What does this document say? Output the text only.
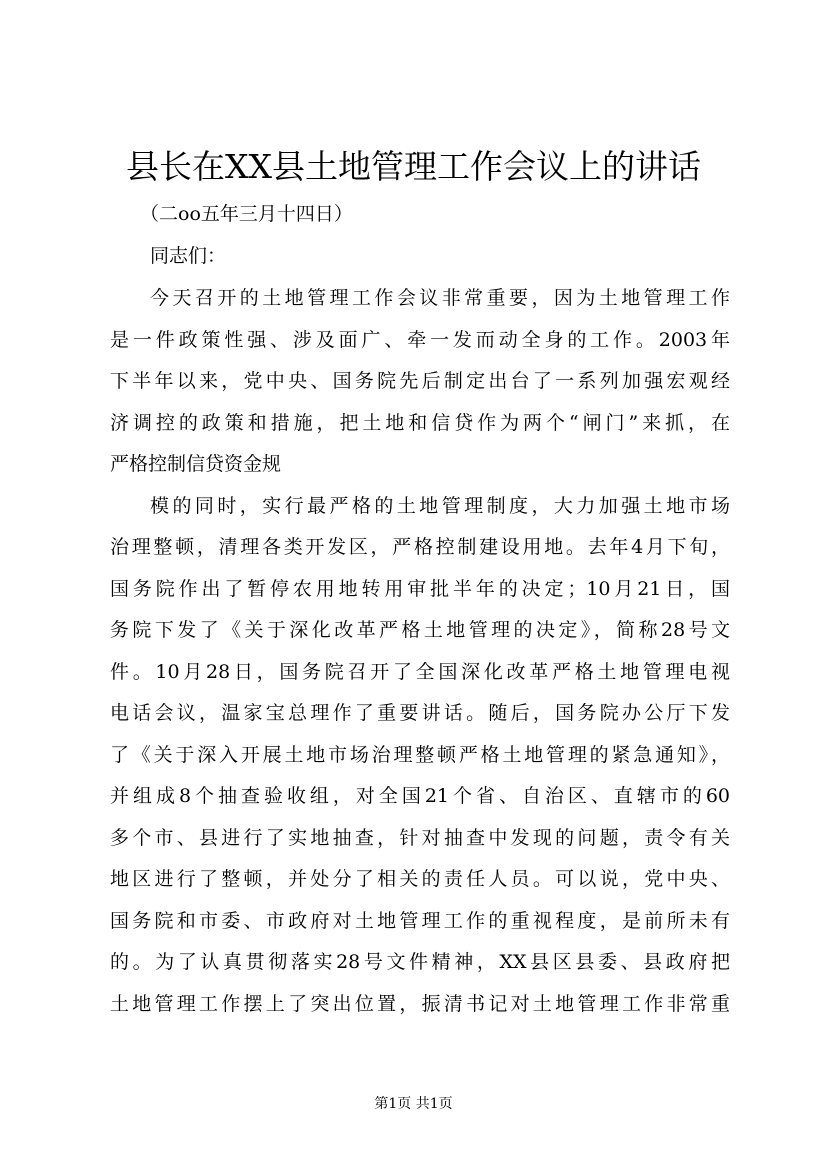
县长在XX县土地管理工作会议上的讲话
（二oo五年三月十四日）
同志们：
今天召开的土地管理工作会议非常重要，因为土地管理工作
是一件政策性强、涉及面广、牵一发而动全身的工作。2003年
下半年以来，党中央、国务院先后制定出台了一系列加强宏观经
济调控的政策和措施，把土地和信贷作为两个“闸门”来抓，在
严格控制信贷资金规
模的同时，实行最严格的土地管理制度，大力加强土地市场
治理整顿，清理各类开发区，严格控制建设用地。去年4月下旬，
国务院作出了暂停农用地转用审批半年的决定；10月21日，国
务院下发了《关于深化改革严格土地管理的决定》，简称28号文
件。10月28日，国务院召开了全国深化改革严格土地管理电视
电话会议，温家宝总理作了重要讲话。随后，国务院办公厅下发
了《关于深入开展土地市场治理整顿严格土地管理的紧急通知》，
并组成8个抽查验收组，对全国21个省、自治区、直辖市的60
多个市、县进行了实地抽查，针对抽查中发现的问题，责令有关
地区进行了整顿，并处分了相关的责任人员。可以说，党中央、
国务院和市委、市政府对土地管理工作的重视程度，是前所未有
的。为了认真贯彻落实28号文件精神，XX县区县委、县政府把
土地管理工作摆上了突出位置，振清书记对土地管理工作非常重
第1页 共1页
